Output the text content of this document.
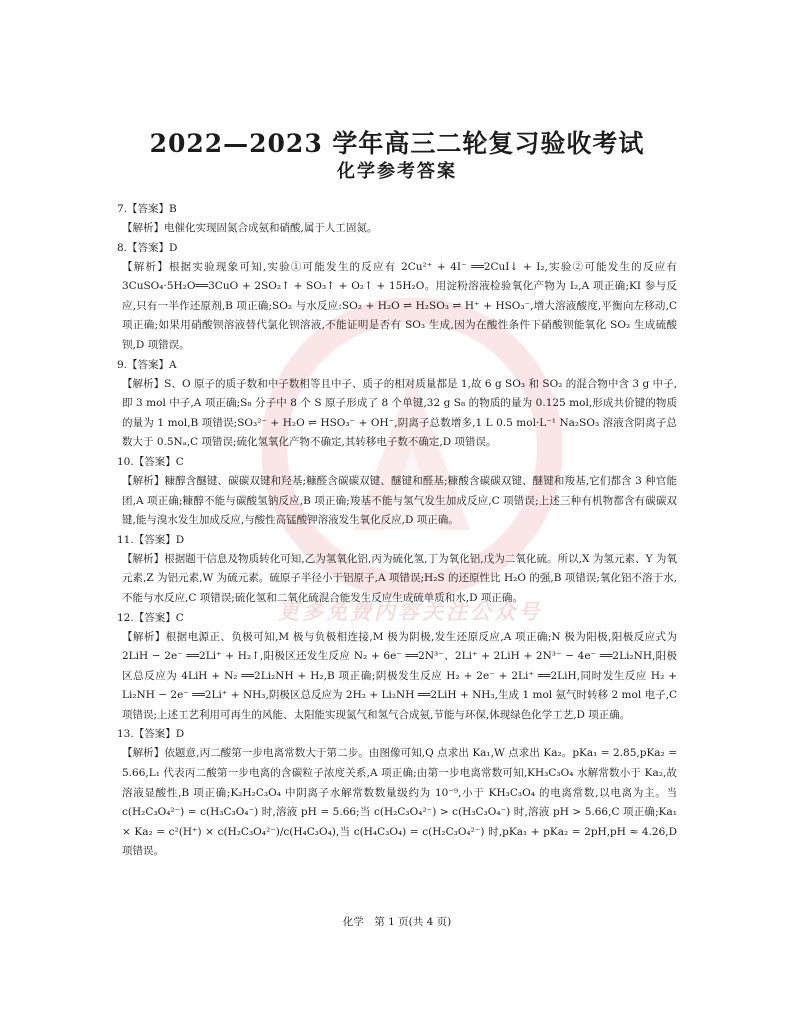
更多免费内容关注公众号
2022—2023 学年高三二轮复习验收考试
化学参考答案

7.【答案】B

【解析】电催化实现固氮合成氨和硝酸,属于人工固氮。

8.【答案】D

【解析】根据实验现象可知,实验①可能发生的反应有 2Cu²⁺ + 4I⁻ ══2CuI↓ + I₂,实验②可能发生的反应有 3CuSO₄·5H₂O══3CuO + 2SO₂↑ + SO₃↑ + O₂↑ + 15H₂O。用淀粉溶液检验氧化产物为 I₂,A 项正确;KI 参与反应,只有一半作还原剂,B 项正确;SO₂ 与水反应:SO₂ + H₂O ⇌ H₂SO₃ ⇌ H⁺ + HSO₃⁻,增大溶液酸度,平衡向左移动,C 项正确;如果用硝酸钡溶液替代氯化钡溶液,不能证明是否有 SO₃ 生成,因为在酸性条件下硝酸钡能氧化 SO₂ 生成硫酸钡,D 项错误。

9.【答案】A

【解析】S、O 原子的质子数和中子数相等且中子、质子的相对质量都是 1,故 6 g SO₃ 和 SO₂ 的混合物中含 3 g 中子,即 3 mol 中子,A 项正确;S₈ 分子中 8 个 S 原子形成了 8 个单键,32 g S₈ 的物质的量为 0.125 mol,形成共价键的物质的量为 1 mol,B 项错误;SO₃²⁻ + H₂O ⇌ HSO₃⁻ + OH⁻,阴离子总数增多,1 L 0.5 mol·L⁻¹ Na₂SO₃ 溶液含阴离子总数大于 0.5Nₐ,C 项错误;硫化氢氧化产物不确定,其转移电子数不确定,D 项错误。

10.【答案】C

【解析】糠醇含醚键、碳碳双键和羟基;糠醛含碳碳双键、醚键和醛基;糠酸含碳碳双键、醚键和羧基,它们都含 3 种官能团,A 项正确;糠醇不能与碳酸氢钠反应,B 项正确;羧基不能与氢气发生加成反应,C 项错误;上述三种有机物都含有碳碳双键,能与溴水发生加成反应,与酸性高锰酸钾溶液发生氧化反应,D 项正确。

11.【答案】D

【解析】根据题干信息及物质转化可知,乙为氢氧化铝,丙为硫化氢,丁为氧化铝,戊为二氧化硫。所以,X 为氢元素、Y 为氧元素,Z 为铝元素,W 为硫元素。硫原子半径小于铝原子,A 项错误;H₂S 的还原性比 H₂O 的强,B 项错误;氧化铝不溶于水,不能与水反应,C 项错误;硫化氢和二氧化硫混合能发生反应生成硫单质和水,D 项正确。

12.【答案】C

【解析】根据电源正、负极可知,M 极与负极相连接,M 极为阴极,发生还原反应,A 项正确;N 极为阳极,阳极反应式为 2LiH − 2e⁻ ══2Li⁺ + H₂↑,阳极区还发生反应 N₂ + 6e⁻ ══2N³⁻、2Li⁺ + 2LiH + 2N³⁻ − 4e⁻ ══2Li₂NH,阳极区总反应为 4LiH + N₂ ══2Li₂NH + H₂,B 项正确;阴极发生反应 H₂ + 2e⁻ + 2Li⁺ ══2LiH,同时发生反应 H₂ + Li₂NH − 2e⁻ ══2Li⁺ + NH₃,阴极区总反应为 2H₂ + Li₂NH ══2LiH + NH₃,生成 1 mol 氨气时转移 2 mol 电子,C 项错误;上述工艺利用可再生的风能、太阳能实现氮气和氢气合成氨,节能与环保,体现绿色化学工艺,D 项正确。

13.【答案】D

【解析】依题意,丙二酸第一步电离常数大于第二步。由图像可知,Q 点求出 Ka₁,W 点求出 Ka₂。pKa₁ = 2.85,pKa₂ = 5.66,L₁ 代表丙二酸第一步电离的含碳粒子浓度关系,A 项正确;由第一步电离常数可知,KH₃C₃O₄ 水解常数小于 Ka₂,故溶液显酸性,B 项正确;K₂H₂C₃O₄ 中阴离子水解常数数量级约为 10⁻⁹,小于 KH₃C₃O₄ 的电离常数,以电离为主。当 c(H₂C₃O₄²⁻) = c(H₃C₃O₄⁻) 时,溶液 pH = 5.66;当 c(H₂C₃O₄²⁻) > c(H₃C₃O₄⁻) 时,溶液 pH > 5.66,C 项正确;Ka₁ × Ka₂ = c²(H⁺) × c(H₂C₃O₄²⁻)/c(H₄C₃O₄),当 c(H₄C₃O₄) = c(H₂C₃O₄²⁻) 时,pKa₁ + pKa₂ = 2pH,pH ≈ 4.26,D 项错误。

化学　第 1 页(共 4 页)
